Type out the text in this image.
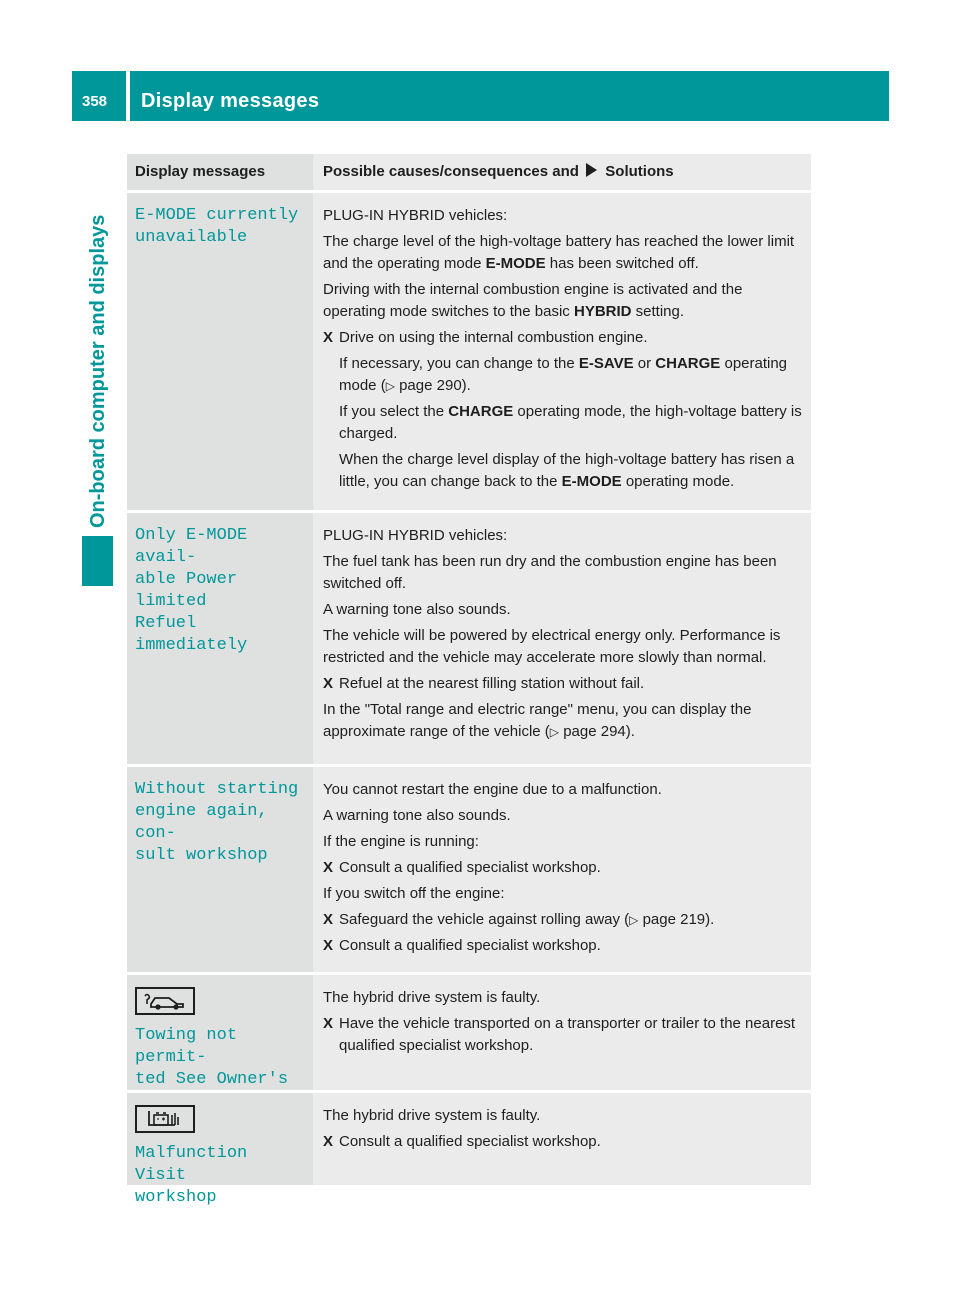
358 Display messages
On-board computer and displays
Display messages	Possible causes/consequences and Solutions
E-MODE currently
unavailable

PLUG-IN HYBRID vehicles:

The charge level of the high-voltage battery has reached the lower limit and the operating mode E-MODE has been switched off.

Driving with the internal combustion engine is activated and the operating mode switches to the basic HYBRID setting.

X Drive on using the internal combustion engine.
If necessary, you can change to the E-SAVE or CHARGE operating mode (▷ page 290).
If you select the CHARGE operating mode, the high-voltage battery is charged.
When the charge level display of the high-voltage battery has risen a little, you can change back to the E-MODE operating mode.
Only E-MODE avail‑
able Power limited
Refuel immediately

PLUG-IN HYBRID vehicles:

The fuel tank has been run dry and the combustion engine has been switched off.

A warning tone also sounds.

The vehicle will be powered by electrical energy only. Performance is restricted and the vehicle may accelerate more slowly than normal.

X Refuel at the nearest filling station without fail.

In the "Total range and electric range" menu, you can display the approximate range of the vehicle (▷ page 294).

Without starting
engine again, con‑
sult workshop

You cannot restart the engine due to a malfunction.

A warning tone also sounds.

If the engine is running:

X Consult a qualified specialist workshop.

If you switch off the engine:

X Safeguard the vehicle against rolling away (▷ page 219).
X Consult a qualified specialist workshop.
Towing not permit‑
ted See Owner's

The hybrid drive system is faulty.

X Have the vehicle transported on a transporter or trailer to the nearest qualified specialist workshop.
Malfunction Visit
workshop

The hybrid drive system is faulty.

X Consult a qualified specialist workshop.
